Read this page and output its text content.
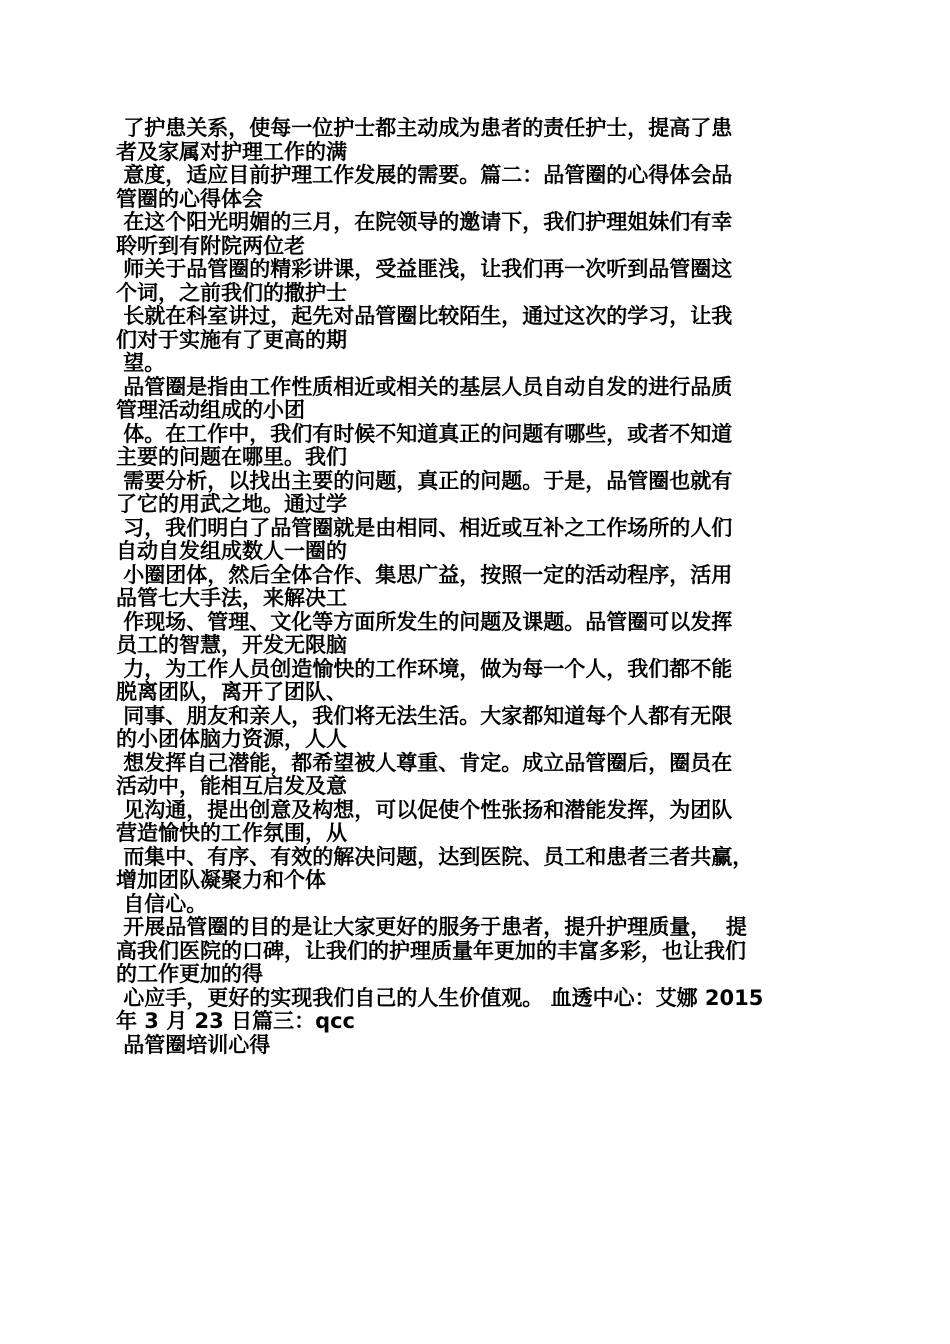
了护患关系，使每一位护士都主动成为患者的责任护士，提高了患
者及家属对护理工作的满
意度，适应目前护理工作发展的需要。篇二：品管圈的心得体会品
管圈的心得体会
在这个阳光明媚的三月，在院领导的邀请下，我们护理姐妹们有幸
聆听到有附院两位老
师关于品管圈的精彩讲课，受益匪浅，让我们再一次听到品管圈这
个词，之前我们的撒护士
长就在科室讲过，起先对品管圈比较陌生，通过这次的学习，让我
们对于实施有了更高的期
望。
品管圈是指由工作性质相近或相关的基层人员自动自发的进行品质
管理活动组成的小团
体。在工作中，我们有时候不知道真正的问题有哪些，或者不知道
主要的问题在哪里。我们
需要分析，以找出主要的问题，真正的问题。于是，品管圈也就有
了它的用武之地。通过学
习，我们明白了品管圈就是由相同、相近或互补之工作场所的人们
自动自发组成数人一圈的
小圈团体，然后全体合作、集思广益，按照一定的活动程序，活用
品管七大手法，来解决工
作现场、管理、文化等方面所发生的问题及课题。品管圈可以发挥
员工的智慧，开发无限脑
力，为工作人员创造愉快的工作环境，做为每一个人，我们都不能
脱离团队，离开了团队、
同事、朋友和亲人，我们将无法生活。大家都知道每个人都有无限
的小团体脑力资源，人人
想发挥自己潜能，都希望被人尊重、肯定。成立品管圈后，圈员在
活动中，能相互启发及意
见沟通，提出创意及构想，可以促使个性张扬和潜能发挥，为团队
营造愉快的工作氛围，从
而集中、有序、有效的解决问题，达到医院、员工和患者三者共赢，
增加团队凝聚力和个体
自信心。
开展品管圈的目的是让大家更好的服务于患者，提升护理质量，  提
高我们医院的口碑，让我们的护理质量年更加的丰富多彩，也让我们
的工作更加的得
心应手，更好的实现我们自己的人生价值观。 血透中心：艾娜 2015
年 3 月 23 日篇三：qcc
品管圈培训心得
